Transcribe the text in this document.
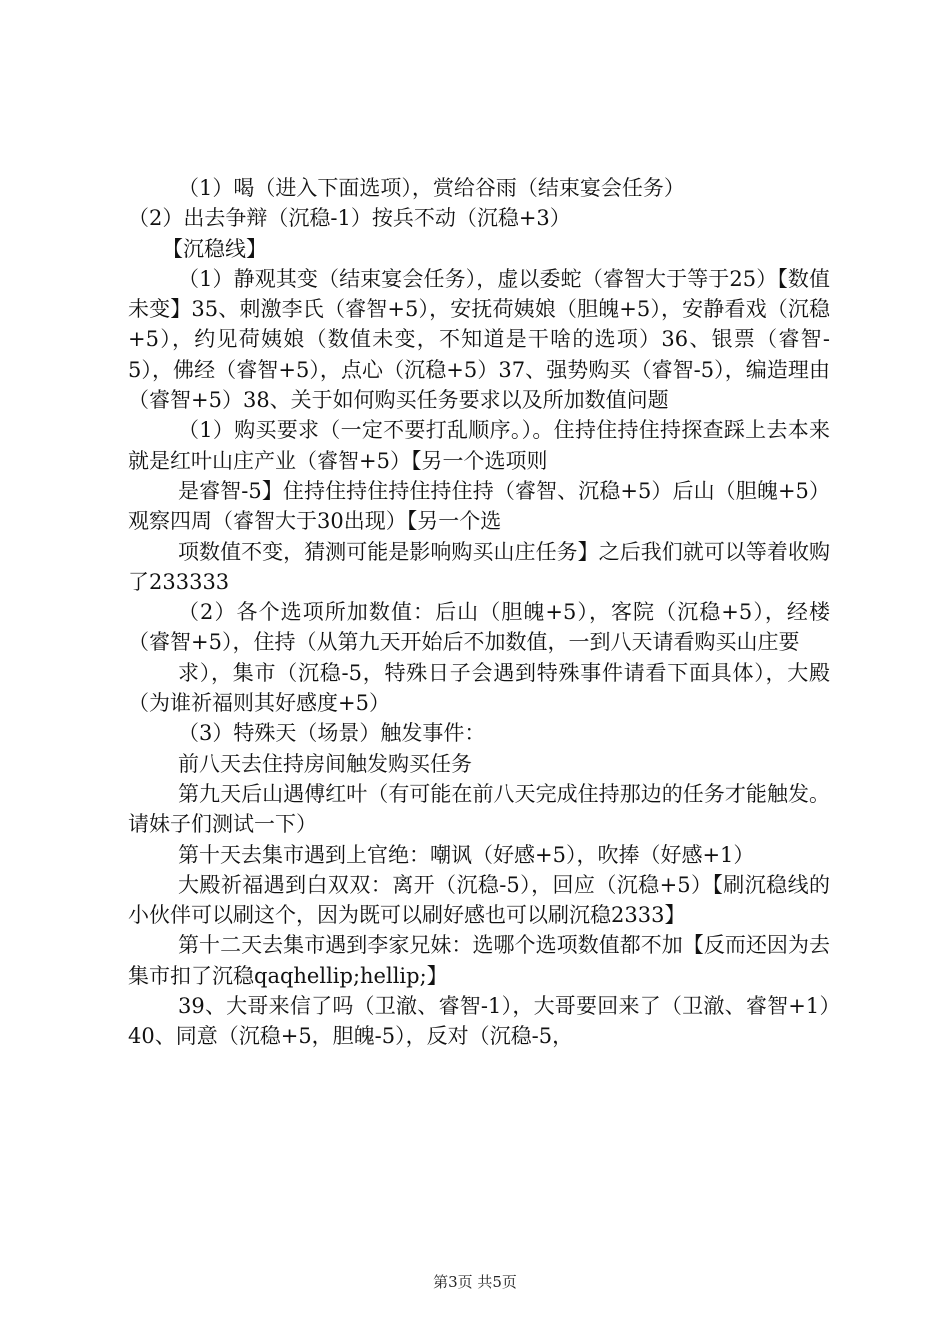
（1）喝（进入下面选项），赏给谷雨（结束宴会任务）

（2）出去争辩（沉稳-1）按兵不动（沉稳+3）

【沉稳线】

（1）静观其变（结束宴会任务），虚以委蛇（睿智大于等于25）【数值未变】35、刺激李氏（睿智+5），安抚荷姨娘（胆魄+5），安静看戏（沉稳+5），约见荷姨娘（数值未变，不知道是干啥的选项）36、银票（睿智-5），佛经（睿智+5），点心（沉稳+5）37、强势购买（睿智-5），编造理由（睿智+5）38、关于如何购买任务要求以及所加数值问题

（1）购买要求（一定不要打乱顺序。）。住持住持住持探查踩上去本来就是红叶山庄产业（睿智+5）【另一个选项则

是睿智-5】住持住持住持住持住持（睿智、沉稳+5）后山（胆魄+5）观察四周（睿智大于30出现）【另一个选

项数值不变，猜测可能是影响购买山庄任务】之后我们就可以等着收购了233333

（2）各个选项所加数值：后山（胆魄+5），客院（沉稳+5），经楼（睿智+5），住持（从第九天开始后不加数值，一到八天请看购买山庄要

求），集市（沉稳-5，特殊日子会遇到特殊事件请看下面具体），大殿（为谁祈福则其好感度+5）

（3）特殊天（场景）触发事件：

前八天去住持房间触发购买任务

第九天后山遇傅红叶（有可能在前八天完成住持那边的任务才能触发。请妹子们测试一下）

第十天去集市遇到上官绝：嘲讽（好感+5），吹捧（好感+1）

大殿祈福遇到白双双：离开（沉稳-5），回应（沉稳+5）【刷沉稳线的小伙伴可以刷这个，因为既可以刷好感也可以刷沉稳2333】

第十二天去集市遇到李家兄妹：选哪个选项数值都不加【反而还因为去集市扣了沉稳qaqhellip;hellip;】

39、大哥来信了吗（卫澈、睿智-1），大哥要回来了（卫澈、睿智+1）40、同意（沉稳+5，胆魄-5），反对（沉稳-5，

第3页 共5页
